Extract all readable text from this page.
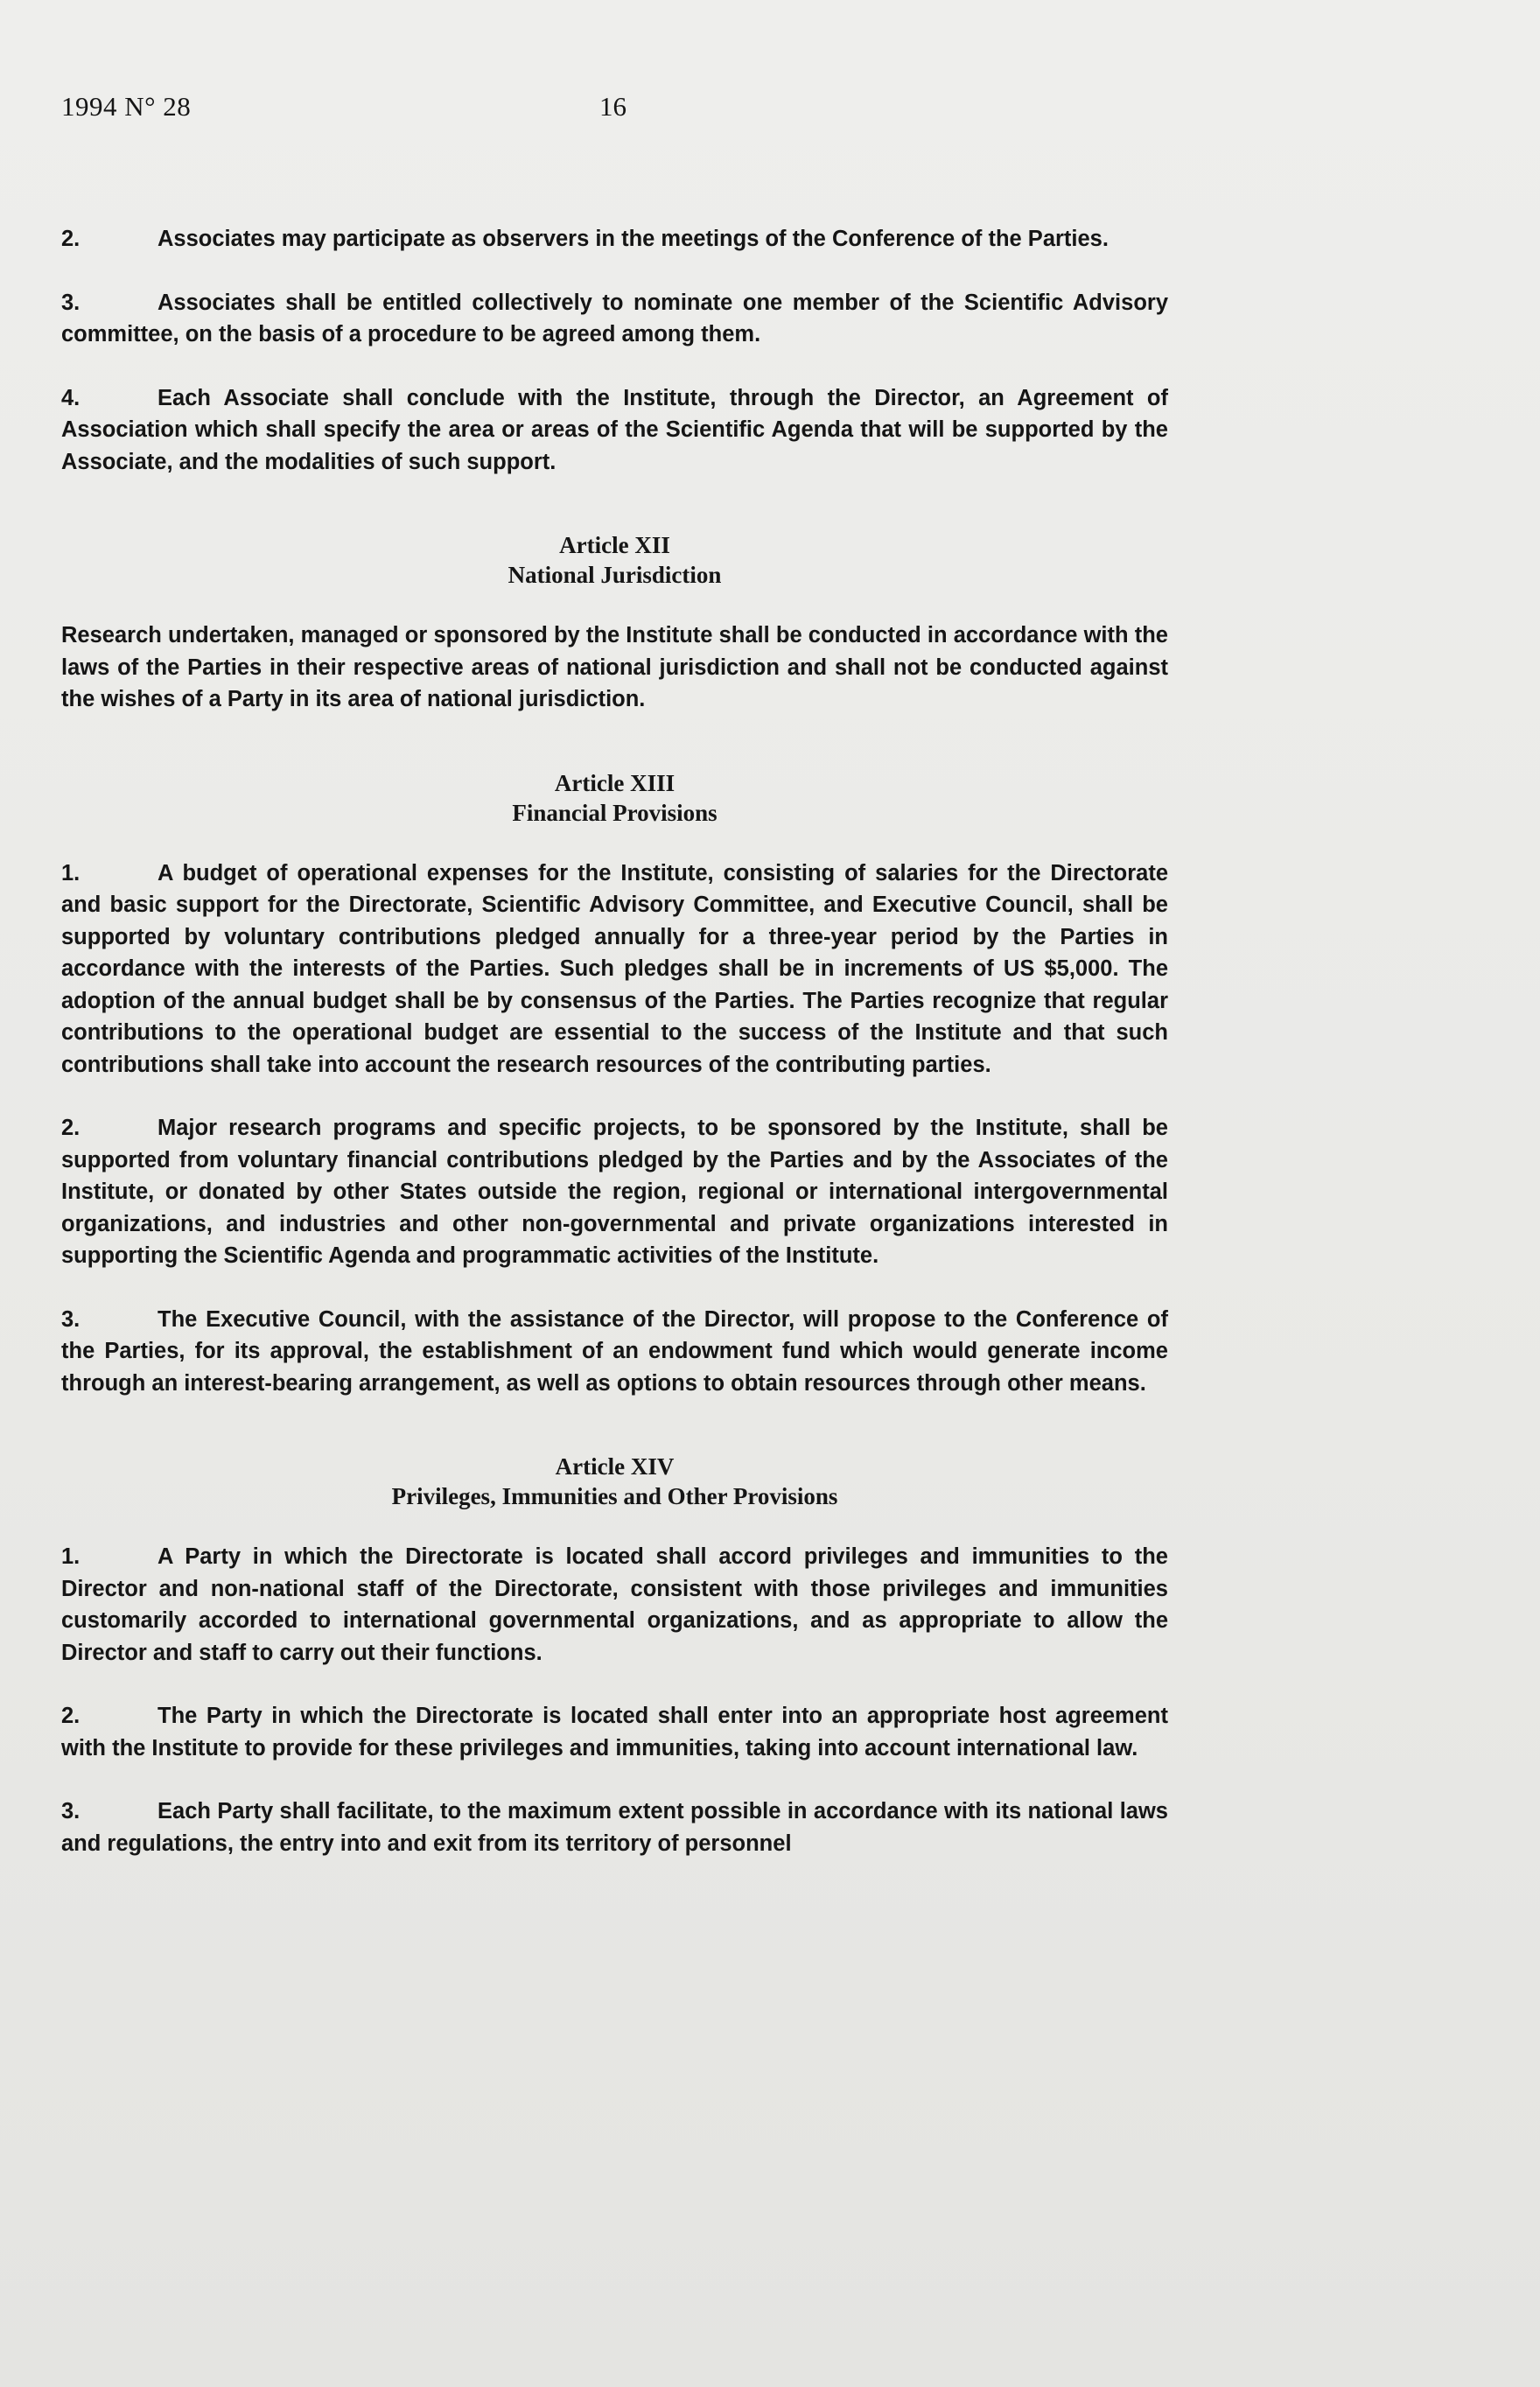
1994 N° 28	16

2.	Associates may participate as observers in the meetings of the Conference of the Parties.

3.	Associates shall be entitled collectively to nominate one member of the Scientific Advisory committee, on the basis of a procedure to be agreed among them.

4.	Each Associate shall conclude with the Institute, through the Director, an Agreement of Association which shall specify the area or areas of the Scientific Agenda that will be supported by the Associate, and the modalities of such support.

Article XII
National Jurisdiction

Research undertaken, managed or sponsored by the Institute shall be conducted in accordance with the laws of the Parties in their respective areas of national jurisdiction and shall not be conducted against the wishes of a Party in its area of national jurisdiction.

Article XIII
Financial Provisions

1.	A budget of operational expenses for the Institute, consisting of salaries for the Directorate and basic support for the Directorate, Scientific Advisory Committee, and Executive Council, shall be supported by voluntary contributions pledged annually for a three-year period by the Parties in accordance with the interests of the Parties. Such pledges shall be in increments of US $5,000. The adoption of the annual budget shall be by consensus of the Parties. The Parties recognize that regular contributions to the operational budget are essential to the success of the Institute and that such contributions shall take into account the research resources of the contributing parties.

2.	Major research programs and specific projects, to be sponsored by the Institute, shall be supported from voluntary financial contributions pledged by the Parties and by the Associates of the Institute, or donated by other States outside the region, regional or international intergovernmental organizations, and industries and other non-governmental and private organizations interested in supporting the Scientific Agenda and programmatic activities of the Institute.

3.	The Executive Council, with the assistance of the Director, will propose to the Conference of the Parties, for its approval, the establishment of an endowment fund which would generate income through an interest-bearing arrangement, as well as options to obtain resources through other means.

Article XIV
Privileges, Immunities and Other Provisions

1.	A Party in which the Directorate is located shall accord privileges and immunities to the Director and non-national staff of the Directorate, consistent with those privileges and immunities customarily accorded to international governmental organizations, and as appropriate to allow the Director and staff to carry out their functions.

2.	The Party in which the Directorate is located shall enter into an appropriate host agreement with the Institute to provide for these privileges and immunities, taking into account international law.

3.	Each Party shall facilitate, to the maximum extent possible in accordance with its national laws and regulations, the entry into and exit from its territory of personnel
